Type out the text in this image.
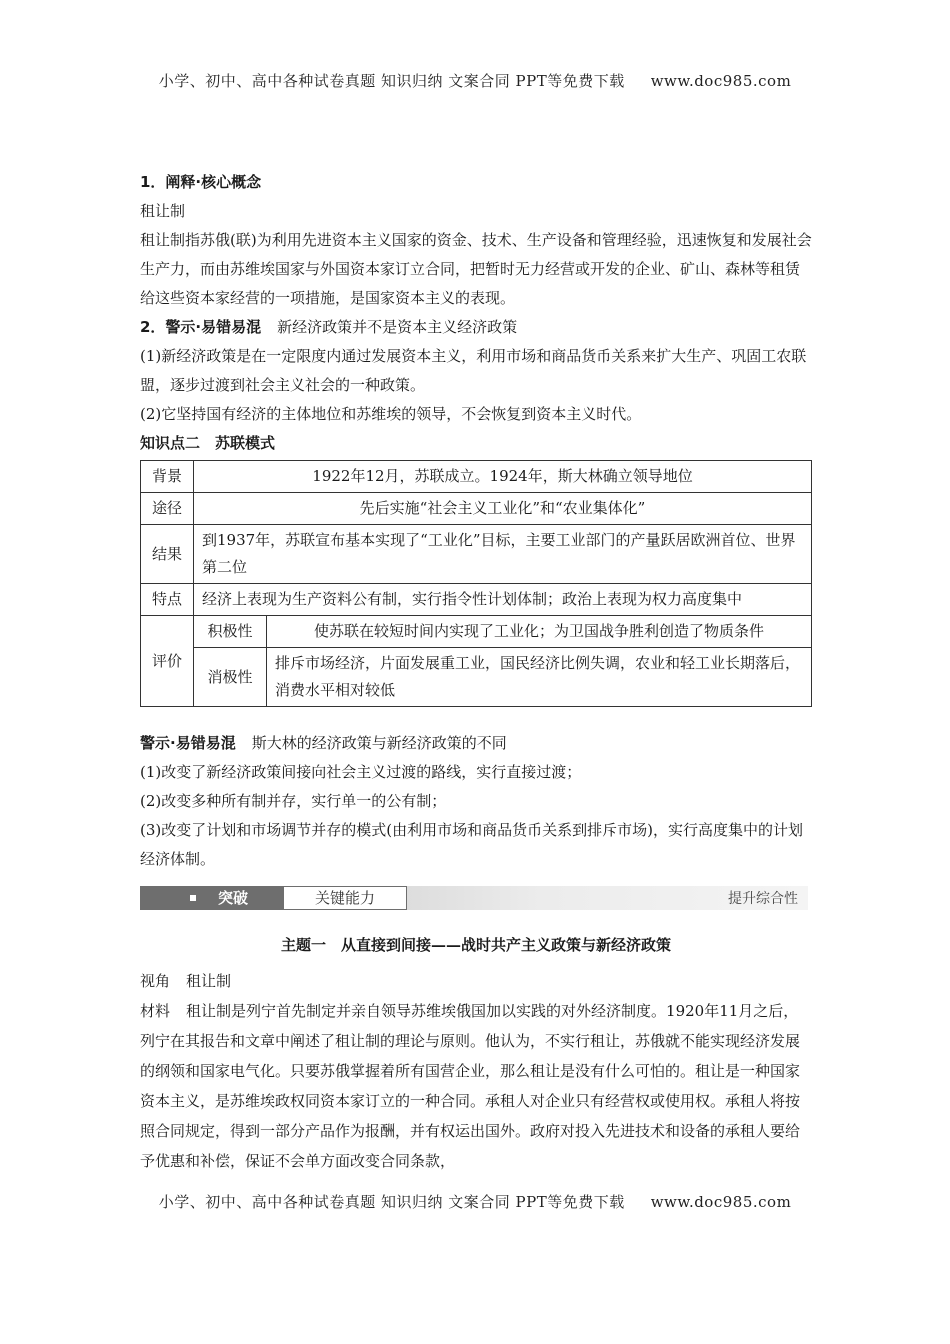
小学、初中、高中各种试卷真题 知识归纳 文案合同 PPT等免费下载 www.doc985.com

1．阐释·核心概念

租让制

租让制指苏俄(联)为利用先进资本主义国家的资金、技术、生产设备和管理经验，迅速恢复和发展社会生产力，而由苏维埃国家与外国资本家订立合同，把暂时无力经营或开发的企业、矿山、森林等租赁给这些资本家经营的一项措施，是国家资本主义的表现。

2．警示·易错易混 新经济政策并不是资本主义经济政策

(1)新经济政策是在一定限度内通过发展资本主义，利用市场和商品货币关系来扩大生产、巩固工农联盟，逐步过渡到社会主义社会的一种政策。

(2)它坚持国有经济的主体地位和苏维埃的领导，不会恢复到资本主义时代。

知识点二　苏联模式

背景	1922年12月，苏联成立。1924年，斯大林确立领导地位	
途径	先后实施“社会主义工业化”和“农业集体化”	
结果	到1937年，苏联宣布基本实现了“工业化”目标，主要工业部门的产量跃居欧洲首位、世界第二位	
特点	经济上表现为生产资料公有制，实行指令性计划体制；政治上表现为权力高度集中	
评价	积极性	使苏联在较短时间内实现了工业化；为卫国战争胜利创造了物质条件
	消极性	排斥市场经济，片面发展重工业，国民经济比例失调，农业和轻工业长期落后，消费水平相对较低

警示·易错易混 斯大林的经济政策与新经济政策的不同

(1)改变了新经济政策间接向社会主义过渡的路线，实行直接过渡；

(2)改变多种所有制并存，实行单一的公有制；

(3)改变了计划和市场调节并存的模式(由利用市场和商品货币关系到排斥市场)，实行高度集中的计划经济体制。

突破	关键能力	提升综合性
主题一　从直接到间接——战时共产主义政策与新经济政策

视角 租让制

材料 租让制是列宁首先制定并亲自领导苏维埃俄国加以实践的对外经济制度。1920年11月之后，列宁在其报告和文章中阐述了租让制的理论与原则。他认为，不实行租让，苏俄就不能实现经济发展的纲领和国家电气化。只要苏俄掌握着所有国营企业，那么租让是没有什么可怕的。租让是一种国家资本主义，是苏维埃政权同资本家订立的一种合同。承租人对企业只有经营权或使用权。承租人将按照合同规定，得到一部分产品作为报酬，并有权运出国外。政府对投入先进技术和设备的承租人要给予优惠和补偿，保证不会单方面改变合同条款，

小学、初中、高中各种试卷真题 知识归纳 文案合同 PPT等免费下载 www.doc985.com
